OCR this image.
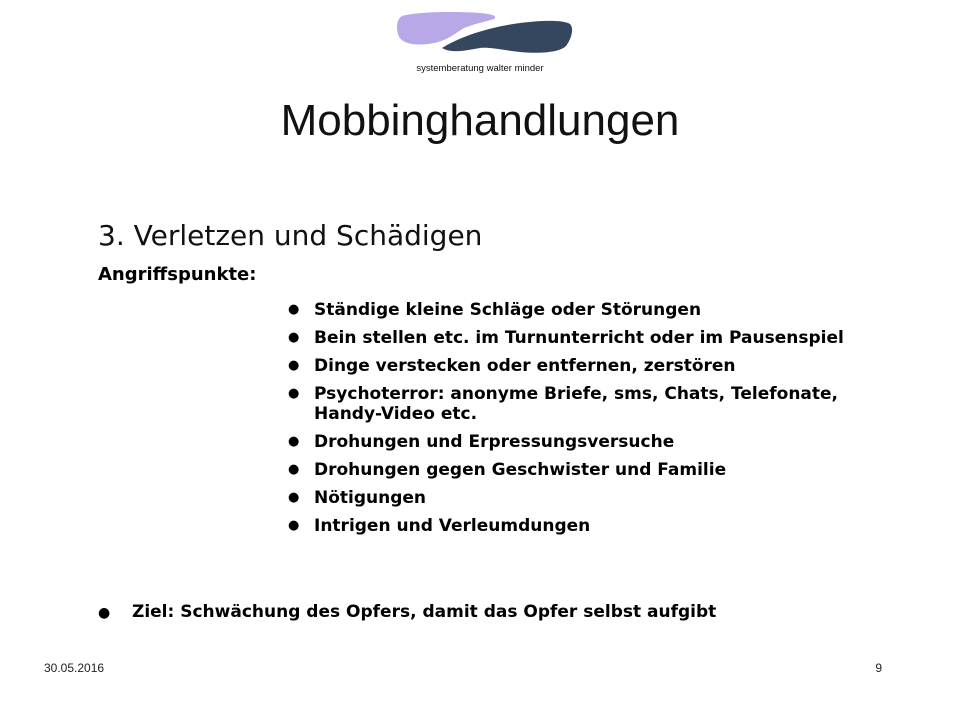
systemberatung walter minder
Mobbinghandlungen
3. Verletzen und Schädigen
Angriffspunkte:
● Ständige kleine Schläge oder Störungen
● Bein stellen etc. im Turnunterricht oder im Pausenspiel
● Dinge verstecken oder entfernen, zerstören
● Psychoterror: anonyme Briefe, sms, Chats, Telefonate, Handy-Video etc.
● Drohungen und Erpressungsversuche
● Drohungen gegen Geschwister und Familie
● Nötigungen
● Intrigen und Verleumdungen
● Ziel: Schwächung des Opfers, damit das Opfer selbst aufgibt
30.05.2016	9
